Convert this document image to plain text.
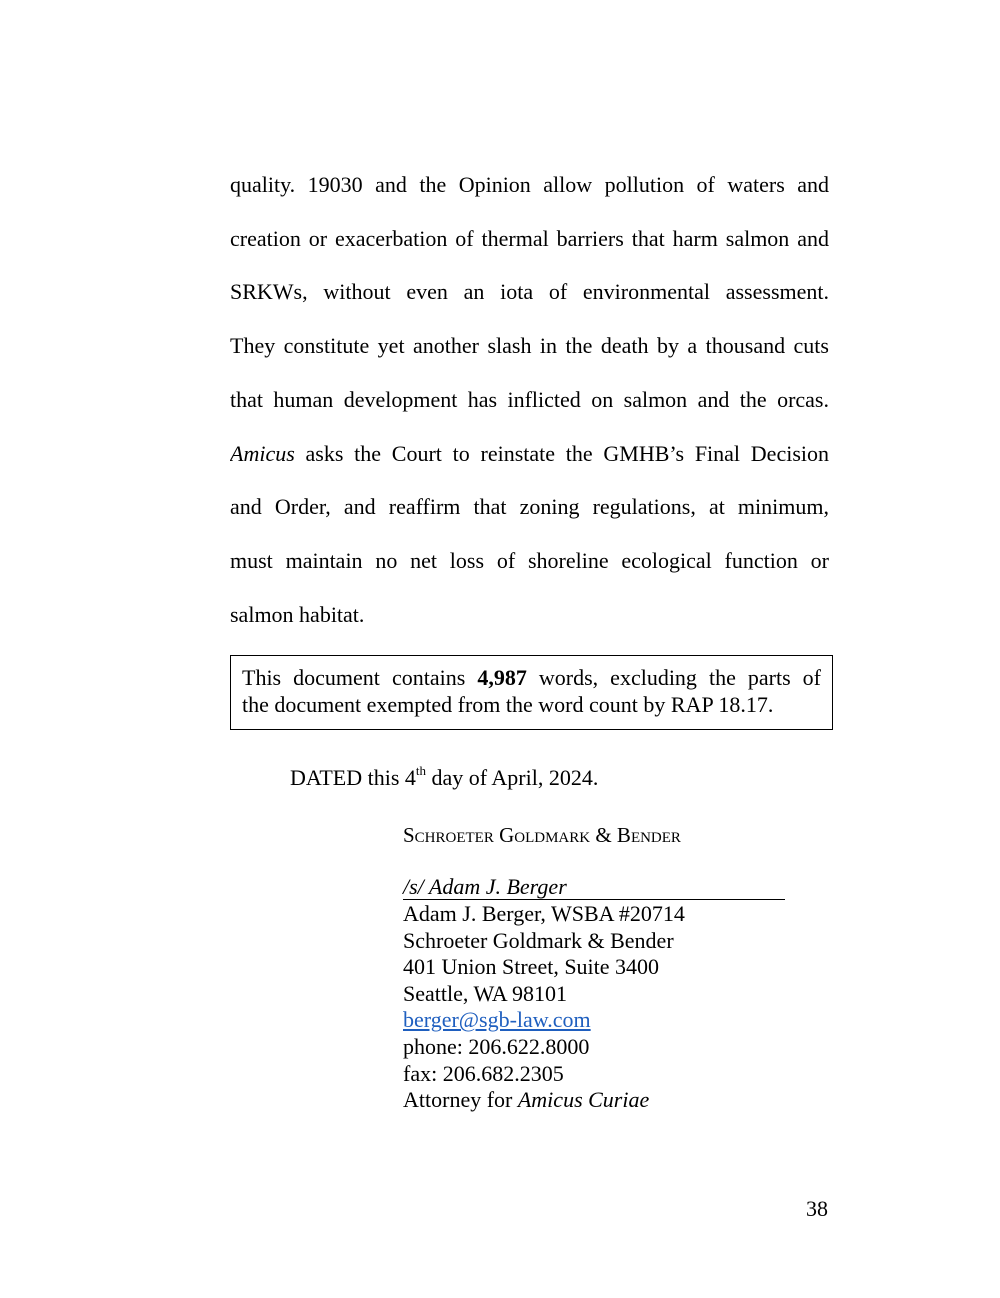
quality. 19030 and the Opinion allow pollution of waters and
creation or exacerbation of thermal barriers that harm salmon and
SRKWs, without even an iota of environmental assessment.
They constitute yet another slash in the death by a thousand cuts
that human development has inflicted on salmon and the orcas.
Amicus asks the Court to reinstate the GMHB’s Final Decision
and Order, and reaffirm that zoning regulations, at minimum,
must maintain no net loss of shoreline ecological function or
salmon habitat.
This document contains 4,987 words, excluding the parts of
the document exempted from the word count by RAP 18.17.
DATED this 4th day of April, 2024.
Schroeter Goldmark & Bender
/s/ Adam J. Berger
Adam J. Berger, WSBA #20714
Schroeter Goldmark & Bender
401 Union Street, Suite 3400
Seattle, WA 98101
berger@sgb-law.com
phone: 206.622.8000
fax: 206.682.2305
Attorney for Amicus Curiae
38
